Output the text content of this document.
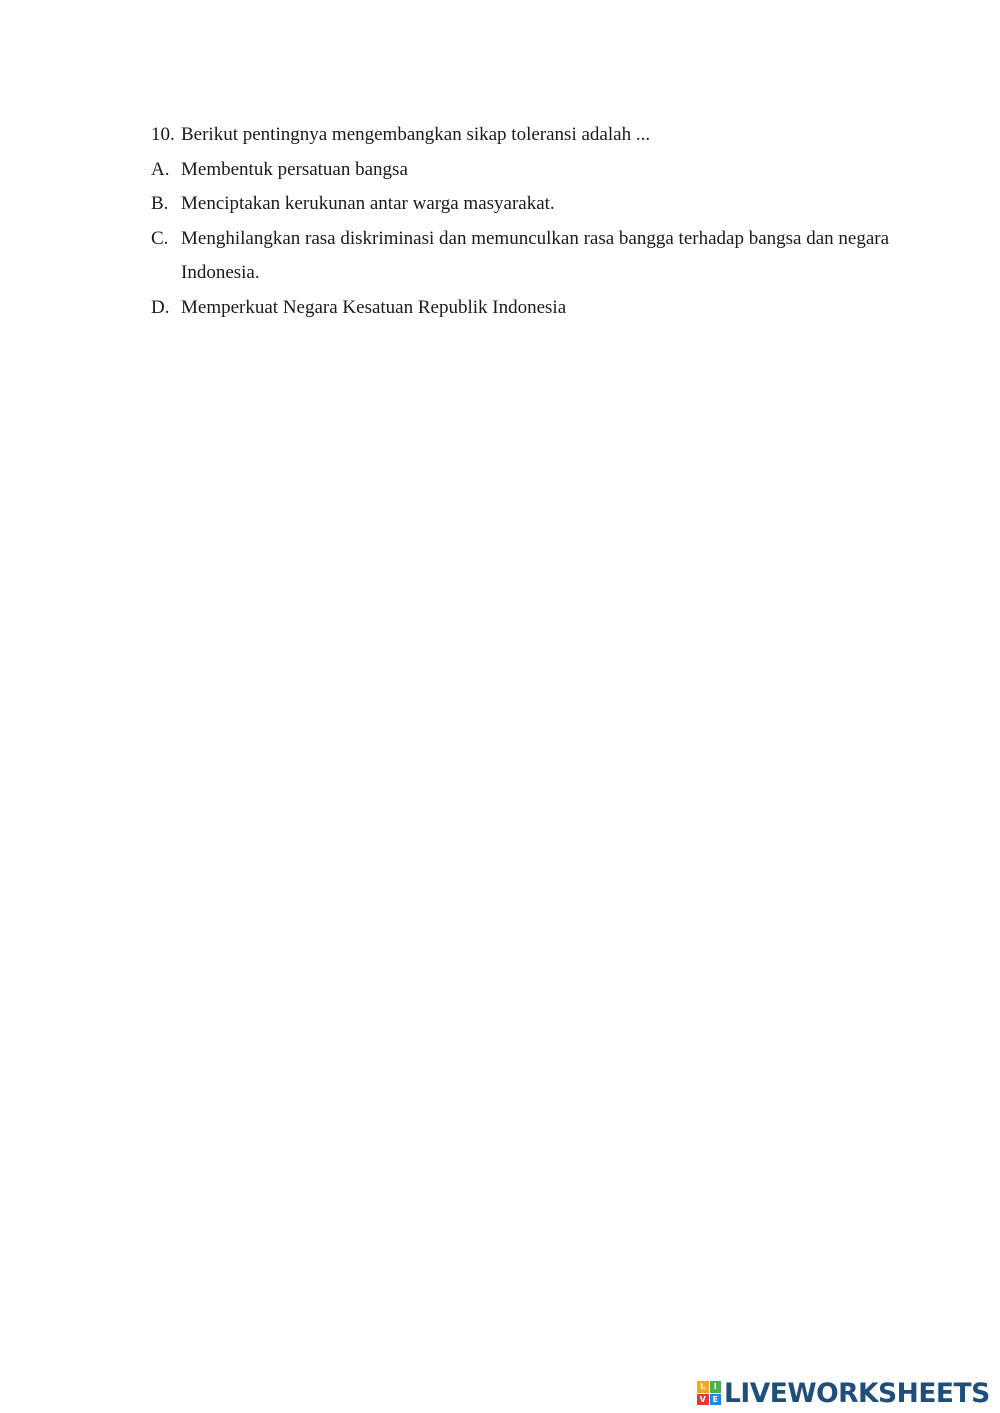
10. Berikut pentingnya mengembangkan sikap toleransi adalah ...
A. Membentuk persatuan bangsa
B. Menciptakan kerukunan antar warga masyarakat.
C. Menghilangkan rasa diskriminasi dan memunculkan rasa bangga terhadap bangsa dan negara Indonesia.
D. Memperkuat Negara Kesatuan Republik Indonesia
L	I
V E LIVEWORKSHEETS
